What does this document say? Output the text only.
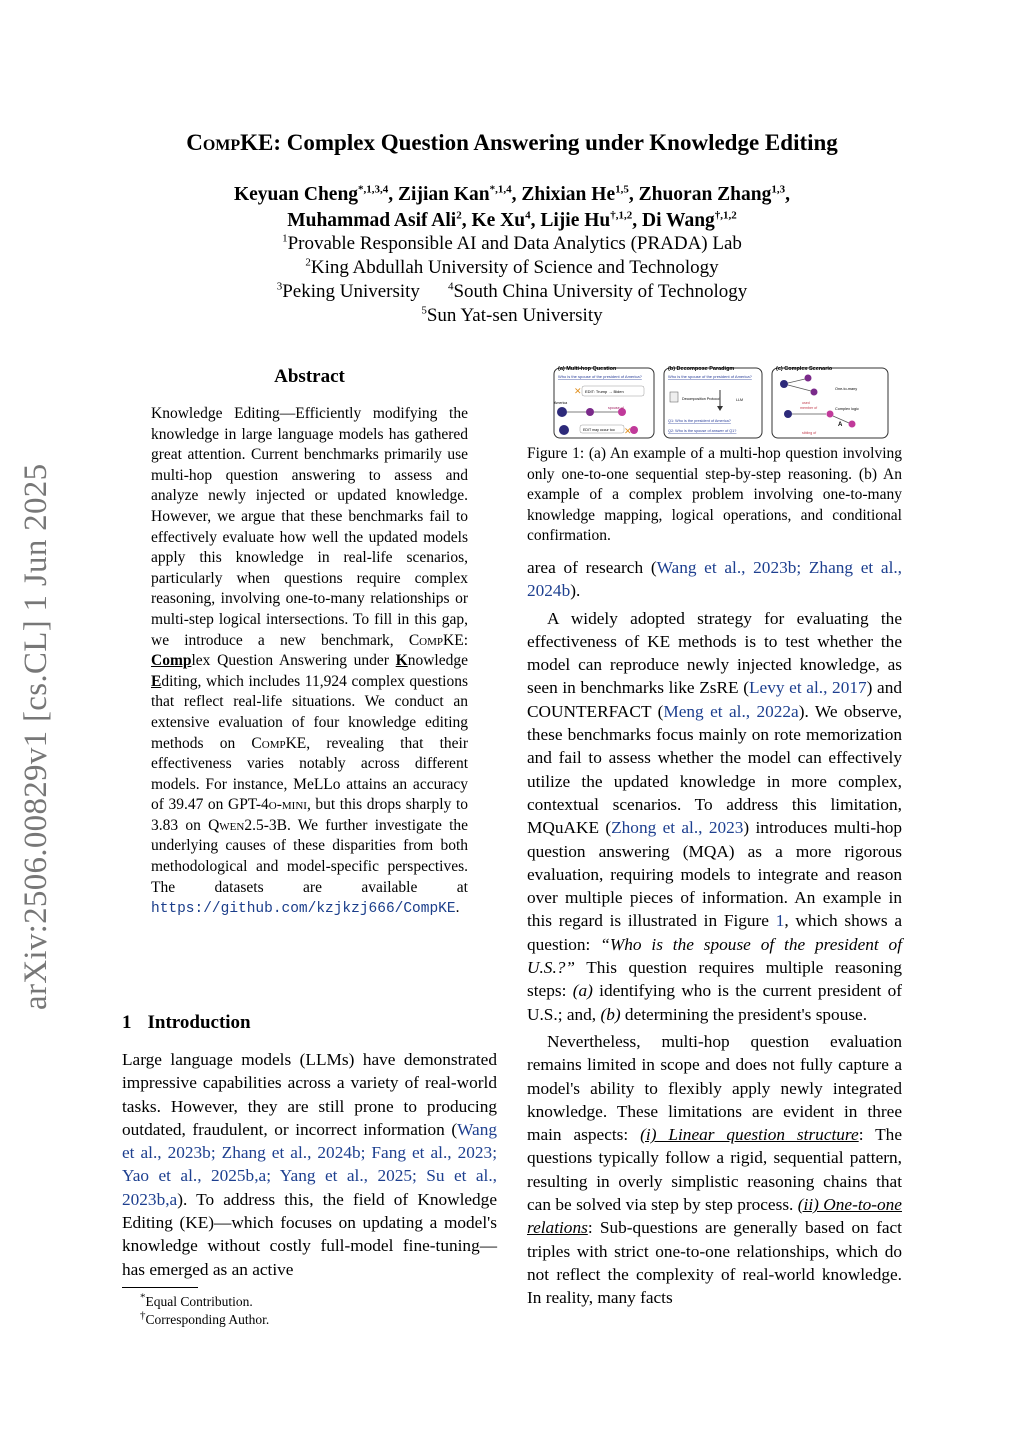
CompKE: Complex Question Answering under Knowledge Editing
Keyuan Cheng$^{*,1,3,4}$, Zijian Kan$^{*,1,4}$, Zhixian He$^{1,5}$, Zhuoran Zhang$^{1,3}$,
Muhammad Asif Ali$^2$, Ke Xu$^4$, Lijie $Hu^{\dagger,1,2}$, Di Wang$^{\dagger,1,2}$
$^1$Provable Responsible AI and Data Analytics (PRADA) Lab
$^2$King Abdullah University of Science and Technology
$^3$Peking University	$^4$South China University of Technology
$^5$Sun Yat-sen University
arXiv:2506.00829v1 [cs.CL] 1 Jun 2025
Abstract
Knowledge Editing—Efficiently modifying the knowledge in large language models has gathered great attention. Current benchmarks primarily use multi-hop question answering to assess and analyze newly injected or updated knowledge. However, we argue that these benchmarks fail to effectively evaluate how well the updated models apply this knowledge in real-life scenarios, particularly when questions require complex reasoning, involving one-to-many relationships or multi-step logical intersections. To fill in this gap, we introduce a new benchmark, CompKE: Complex Question Answering under Knowledge Editing, which includes 11,924 complex questions that reflect real-life situations. We conduct an extensive evaluation of four knowledge editing methods on CompKE, revealing that their effectiveness varies notably across different models. For instance, MeLLo attains an accuracy of 39.47 on GPT-4o-mini, but this drops sharply to 3.83 on Qwen2.5-3B. We further investigate the underlying causes of these disparities from both methodological and model-specific perspectives. The datasets are available at https://github.com/kzjkzj666/CompKE.
1 Introduction

Large language models (LLMs) have demonstrated impressive capabilities across a variety of real-world tasks. However, they are still prone to producing outdated, fraudulent, or incorrect information (Wang et al., 2023b; Zhang et al., 2024b; Fang et al., 2023; Yao et al., 2025b,a; Yang et al., 2025; Su et al., 2023b,a). To address this, the field of Knowledge Editing (KE)—which focuses on updating a model's knowledge without costly full-model fine-tuning—has emerged as an active

*Equal Contribution.
†Corresponding Author.
(a) Multi-hop Question
Who is the spouse of the president of America?
EDIT: Trump → Biden
✕
America
spouse of
EDIT may occur too ✕
(b) Decompose Paradigm
Who is the spouse of the president of America?
Decomposition Protocol	LLM
Q1: Who is the president of America?
Q2: Who is the spouse of answer of Q1?
(c) Complex Scenario
One-to-many
used
member of
sibling of
Complex logic
A
Figure 1: (a) An example of a multi-hop question involving only one-to-one sequential step-by-step reasoning. (b) An example of a complex problem involving one-to-many knowledge mapping, logical operations, and conditional confirmation.

area of research (Wang et al., 2023b; Zhang et al., 2024b).

A widely adopted strategy for evaluating the effectiveness of KE methods is to test whether the model can reproduce newly injected knowledge, as seen in benchmarks like ZsRE (Levy et al., 2017) and COUNTERFACT (Meng et al., 2022a). We observe, these benchmarks focus mainly on rote memorization and fail to assess whether the model can effectively utilize the updated knowledge in more complex, contextual scenarios. To address this limitation, MQuAKE (Zhong et al., 2023) introduces multi-hop question answering (MQA) as a more rigorous evaluation, requiring models to integrate and reason over multiple pieces of information. An example in this regard is illustrated in Figure 1, which shows a question: “Who is the spouse of the president of U.S.?” This question requires multiple reasoning steps: (a) identifying who is the current president of U.S.; and, (b) determining the president's spouse.

Nevertheless, multi-hop question evaluation remains limited in scope and does not fully capture a model's ability to flexibly apply newly integrated knowledge. These limitations are evident in three main aspects: (i) Linear question structure: The questions typically follow a rigid, sequential pattern, resulting in overly simplistic reasoning chains that can be solved via step by step process. (ii) One-to-one relations: Sub-questions are generally based on fact triples with strict one-to-one relationships, which do not reflect the complexity of real-world knowledge. In reality, many facts
